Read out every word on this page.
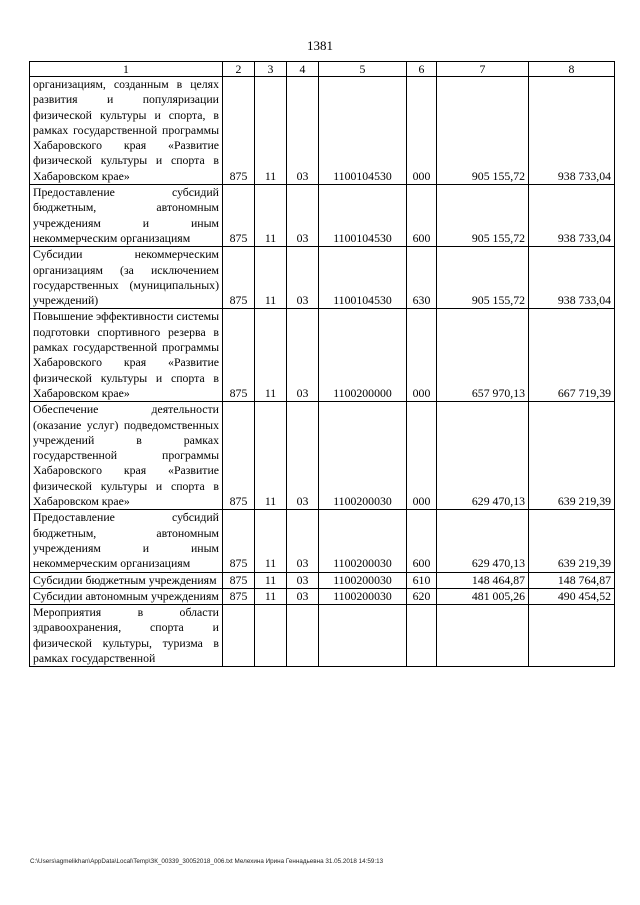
1381
1	2	3	4	5	6	7	8
организациям, созданным в целях развития и популяризации физической культуры и спорта, в рамках государственной программы Хабаровского края «Развитие физической культуры и спорта в Хабаровском крае»	875	11	03	1100104530	000	905 155,72	938 733,04
Предоставление субсидий бюджетным, автономным учреждениям и иным некоммерческим организациям	875	11	03	1100104530	600	905 155,72	938 733,04
Субсидии некоммерческим организациям (за исключением государственных (муниципальных) учреждений)	875	11	03	1100104530	630	905 155,72	938 733,04
Повышение эффективности системы подготовки спортивного резерва в рамках государственной программы Хабаровского края «Развитие физической культуры и спорта в Хабаровском крае»	875	11	03	1100200000	000	657 970,13	667 719,39
Обеспечение деятельности (оказание услуг) подведомственных учреждений в рамках государственной программы Хабаровского края «Развитие физической культуры и спорта в Хабаровском крае»	875	11	03	1100200030	000	629 470,13	639 219,39
Предоставление субсидий бюджетным, автономным учреждениям и иным некоммерческим организациям	875	11	03	1100200030	600	629 470,13	639 219,39
Субсидии бюджетным учреждениям	875	11	03	1100200030	610	148 464,87	148 764,87
Субсидии автономным учреждениям	875	11	03	1100200030	620	481 005,26	490 454,52
Мероприятия в области здравоохранения, спорта и физической культуры, туризма в рамках государственной							
C:\Users\agmelikhan\AppData\Local\Temp\ЗК_00339_30052018_006.txt Мелехина Ирина Геннадьевна 31.05.2018 14:59:13
